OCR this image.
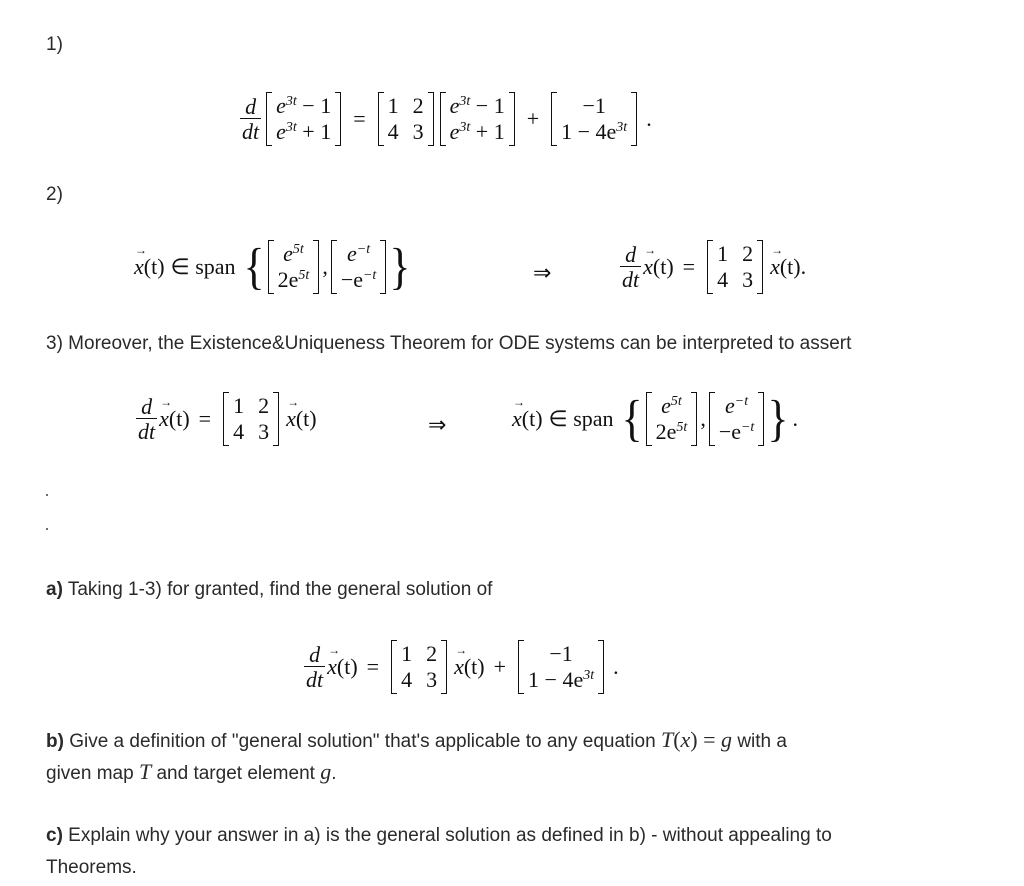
1)
$\frac{d}{dt} e^{3t} - 1$
$e^{3t} + 1$
=
1 2
4 3
$e^{3t} - 1$
$e^{3t} + 1$
+
−1
$1 - 4e^{3t}$ .
2)
→ x (t) ∈ span { $e^{5t}$
$2e^{5t}$ ,
$e^{-t}$
$-e^{-t}$ }	⇒	$\frac{d}{dt}$
→ x (t) =
1 2
4 3
→ x (t).
3) Moreover, the Existence&Uniqueness Theorem for ODE systems can be interpreted to assert
$\frac{d}{dt}$
→ x (t) =
1 2
4 3
→ x (t)	⇒
→	x (t) ∈ span { $e^{5t}$
$2e^{5t}$ ,
$e^{-t}$
$-e^{-t}$ } .
·
·
a) Taking 1-3) for granted, find the general solution of
$\frac{d}{dt}$
→ x (t) =
1 2
4 3
→ x (t) +
−1
$1 - 4e^{3t}$ .
b) Give a definition of "general solution" that's applicable to any equation T(x) = g with a
given map T and target element g.
c) Explain why your answer in a) is the general solution as defined in b) - without appealing to
Theorems.
